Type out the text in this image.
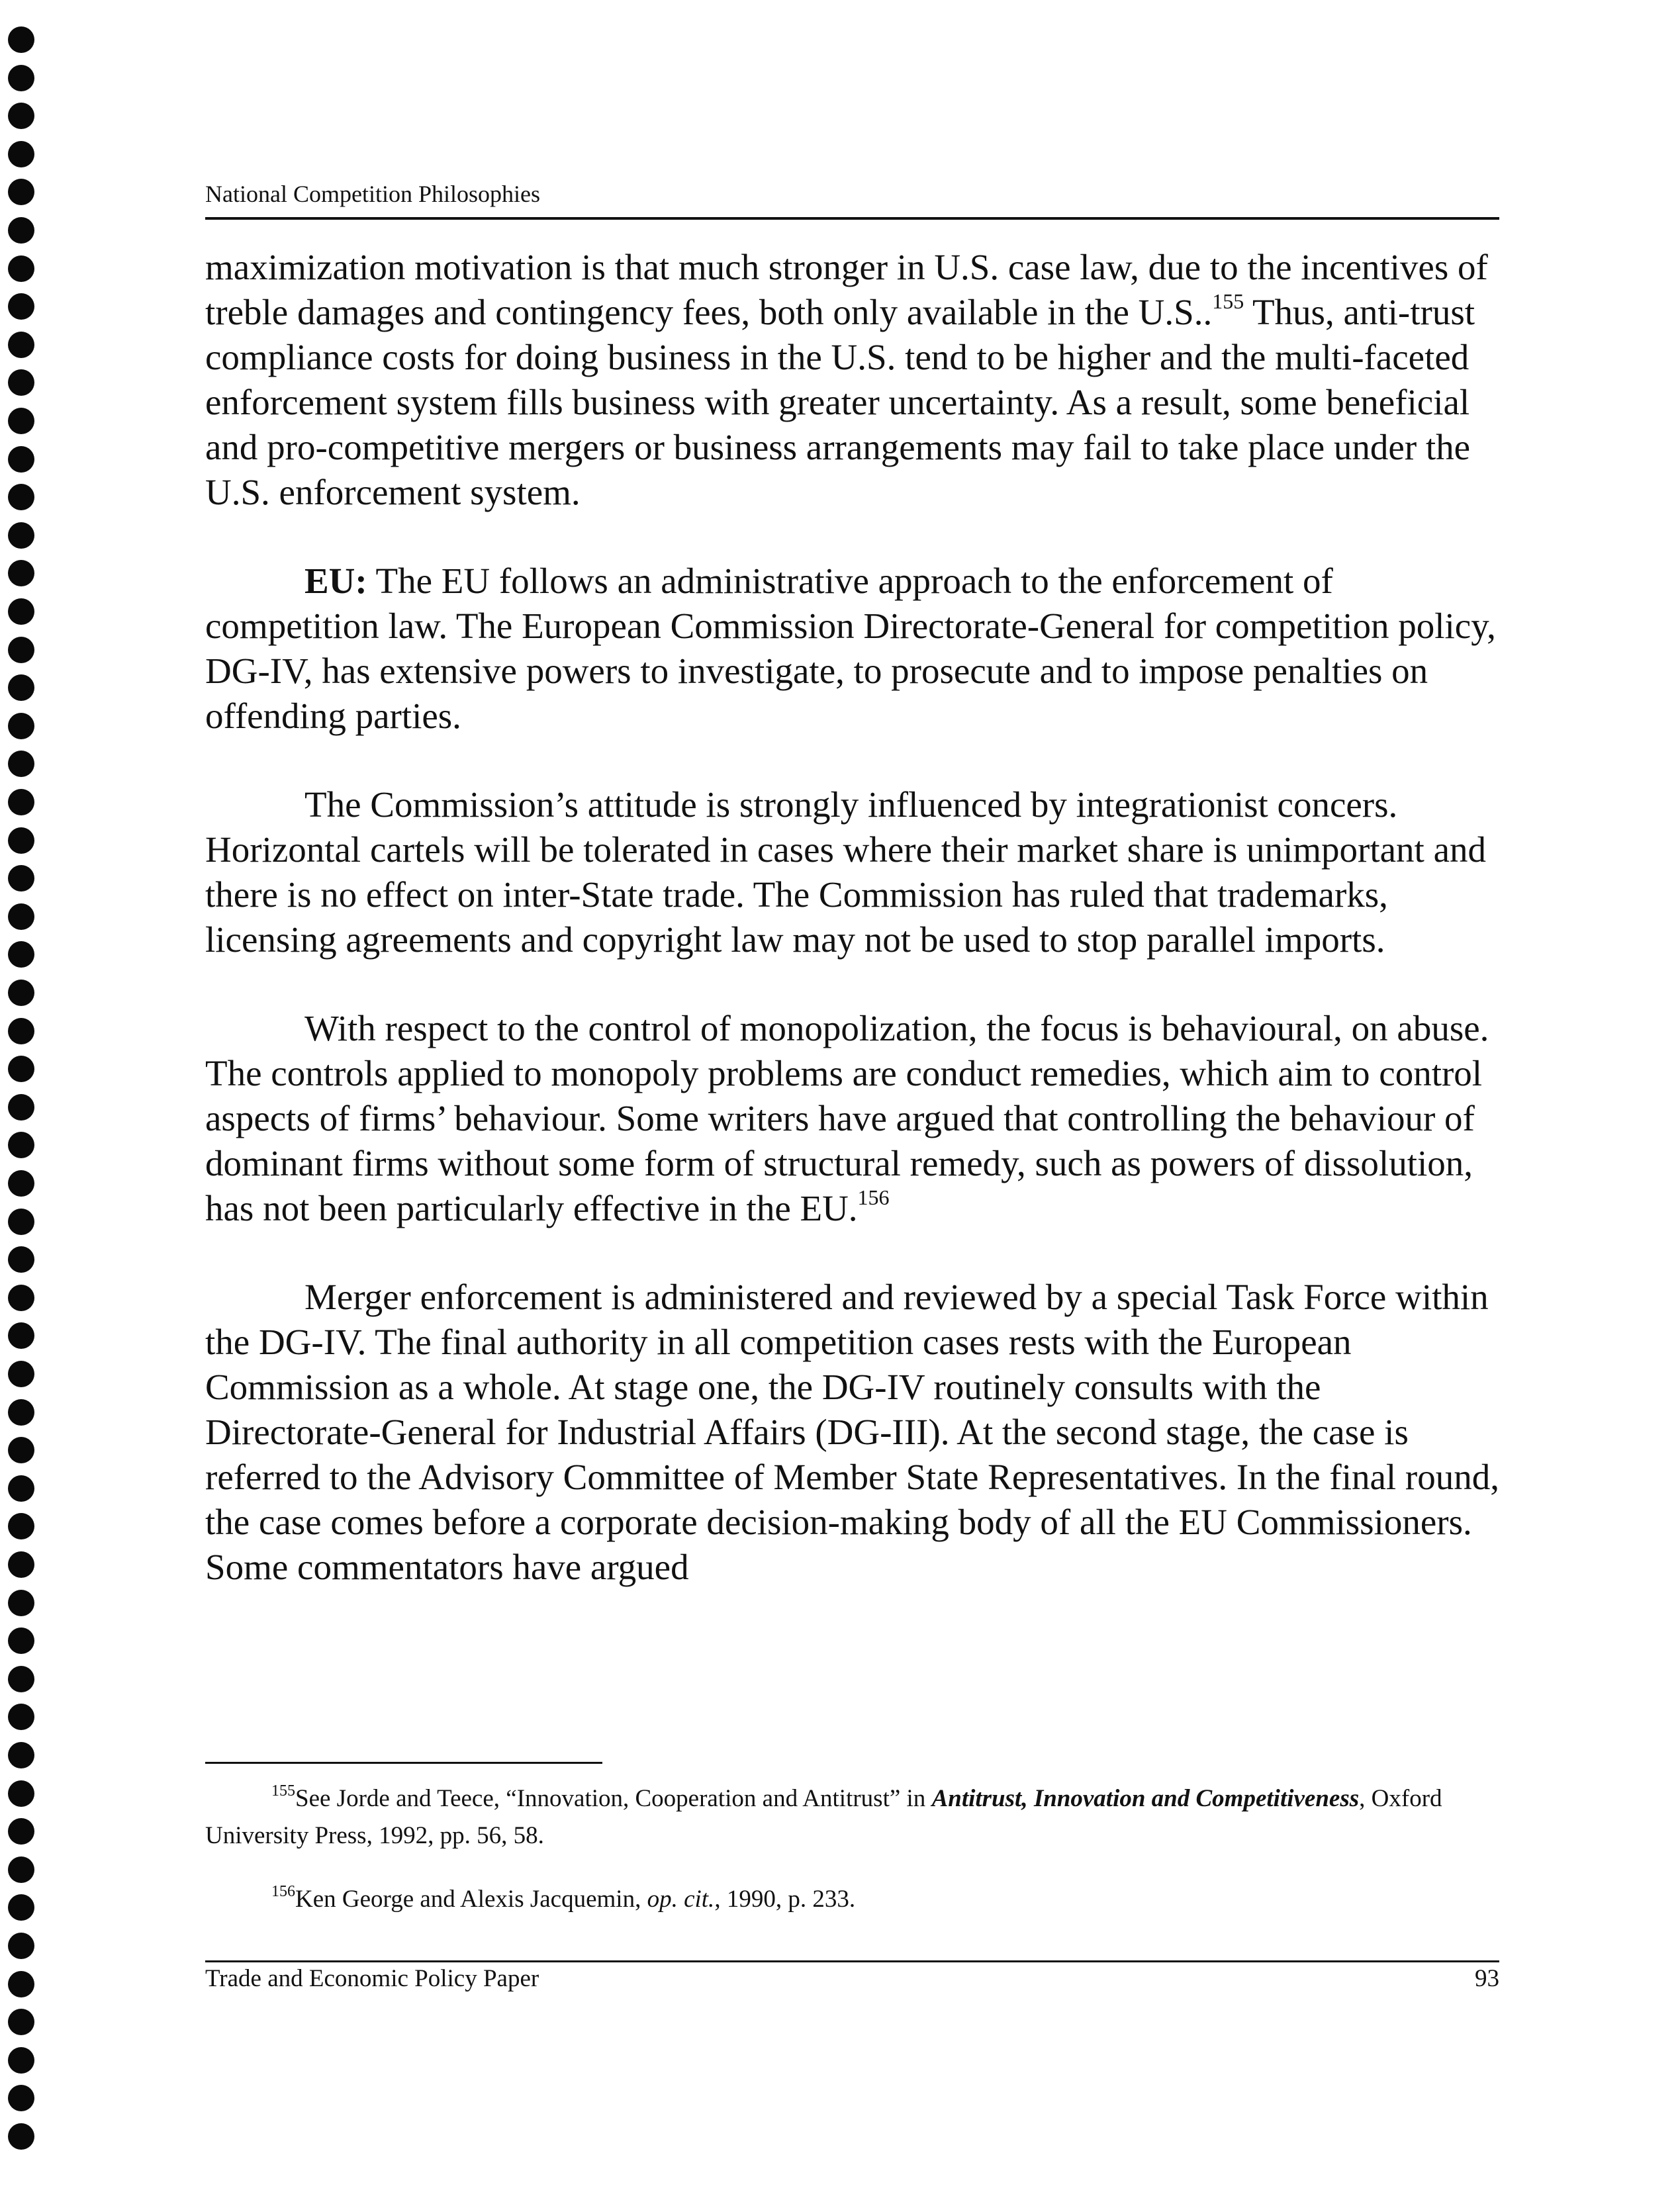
National Competition Philosophies

maximization motivation is that much stronger in U.S. case law, due to the incentives of treble damages and contingency fees, both only available in the U.S..$^{155}$ Thus, anti-trust compliance costs for doing business in the U.S. tend to be higher and the multi-faceted enforcement system fills business with greater uncertainty. As a result, some beneficial and pro-competitive mergers or business arrangements may fail to take place under the U.S. enforcement system.

EU: The EU follows an administrative approach to the enforcement of competition law. The European Commission Directorate-General for competition policy, DG-IV, has extensive powers to investigate, to prosecute and to impose penalties on offending parties.

The Commission’s attitude is strongly influenced by integrationist concers. Horizontal cartels will be tolerated in cases where their market share is unimportant and there is no effect on inter-State trade. The Commission has ruled that trademarks, licensing agreements and copyright law may not be used to stop parallel imports.

With respect to the control of monopolization, the focus is behavioural, on abuse. The controls applied to monopoly problems are conduct remedies, which aim to control aspects of firms’ behaviour. Some writers have argued that controlling the behaviour of dominant firms without some form of structural remedy, such as powers of dissolution, has not been particularly effective in the EU.$^{156}$

Merger enforcement is administered and reviewed by a special Task Force within the DG-IV. The final authority in all competition cases rests with the European Commission as a whole. At stage one, the DG-IV routinely consults with the Directorate-General for Industrial Affairs (DG-III). At the second stage, the case is referred to the Advisory Committee of Member State Representatives. In the final round, the case comes before a corporate decision-making body of all the EU Commissioners. Some commentators have argued

$^{155}$See Jorde and Teece, “Innovation, Cooperation and Antitrust” in Antitrust, Innovation and Competitiveness, Oxford University Press, 1992, pp. 56, 58.

$^{156}$Ken George and Alexis Jacquemin, op. cit., 1990, p. 233.

Trade and Economic Policy Paper	93
